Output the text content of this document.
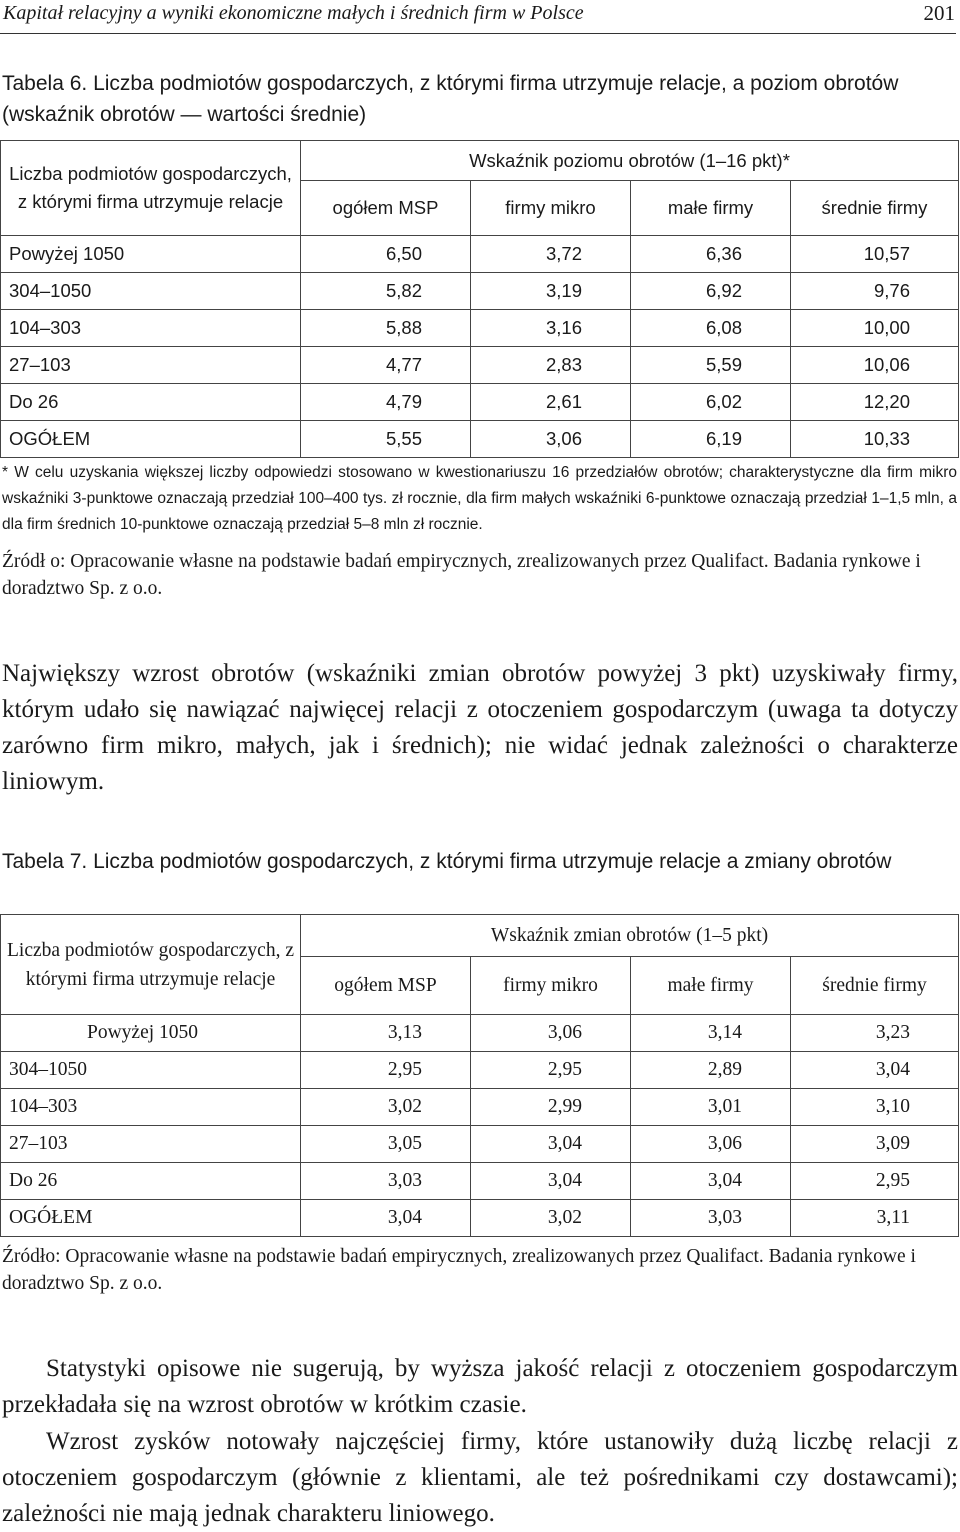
Kapitał relacyjny a wyniki ekonomiczne małych i średnich firm w Polsce	201
Tabela 6. Liczba podmiotów gospodarczych, z którymi firma utrzymuje relacje, a poziom obrotów (wskaźnik obrotów — wartości średnie)
Liczba podmiotów gospodarczych, z którymi firma utrzymuje relacje	Wskaźnik poziomu obrotów (1–16 pkt)*			
	ogółem MSP	firmy mikro	małe firmy	średnie firmy
Powyżej 1050	6,50	3,72	6,36	10,57
304–1050	5,82	3,19	6,92	9,76
104–303	5,88	3,16	6,08	10,00
27–103	4,77	2,83	5,59	10,06
Do 26	4,79	2,61	6,02	12,20
OGÓŁEM	5,55	3,06	6,19	10,33
* W celu uzyskania większej liczby odpowiedzi stosowano w kwestionariuszu 16 przedziałów obrotów; charakterystyczne dla firm mikro wskaźniki 3-punktowe oznaczają przedział 100–400 tys. zł rocznie, dla firm małych wskaźniki 6-punktowe oznaczają przedział 1–1,5 mln, a dla firm średnich 10-punktowe oznaczają przedział 5–8 mln zł rocznie.
Źródł o: Opracowanie własne na podstawie badań empirycznych, zrealizowanych przez Qualifact. Badania rynkowe i doradztwo Sp. z o.o.
Największy wzrost obrotów (wskaźniki zmian obrotów powyżej 3 pkt) uzyskiwały firmy, którym udało się nawiązać najwięcej relacji z otoczeniem gospodarczym (uwaga ta dotyczy zarówno firm mikro, małych, jak i średnich); nie widać jednak zależności o charakterze liniowym.
Tabela 7. Liczba podmiotów gospodarczych, z którymi firma utrzymuje relacje a zmiany obrotów
Liczba podmiotów gospodarczych, z którymi firma utrzymuje relacje	Wskaźnik zmian obrotów (1–5 pkt)			
	ogółem MSP	firmy mikro	małe firmy	średnie firmy
Powyżej 1050	3,13	3,06	3,14	3,23
304–1050	2,95	2,95	2,89	3,04
104–303	3,02	2,99	3,01	3,10
27–103	3,05	3,04	3,06	3,09
Do 26	3,03	3,04	3,04	2,95
OGÓŁEM	3,04	3,02	3,03	3,11
Źródło: Opracowanie własne na podstawie badań empirycznych, zrealizowanych przez Qualifact. Badania rynkowe i doradztwo Sp. z o.o.
Statystyki opisowe nie sugerują, by wyższa jakość relacji z otoczeniem gospodarczym przekładała się na wzrost obrotów w krótkim czasie.
Wzrost zysków notowały najczęściej firmy, które ustanowiły dużą liczbę relacji z otoczeniem gospodarczym (głównie z klientami, ale też pośrednikami czy dostawcami); zależności nie mają jednak charakteru liniowego.
